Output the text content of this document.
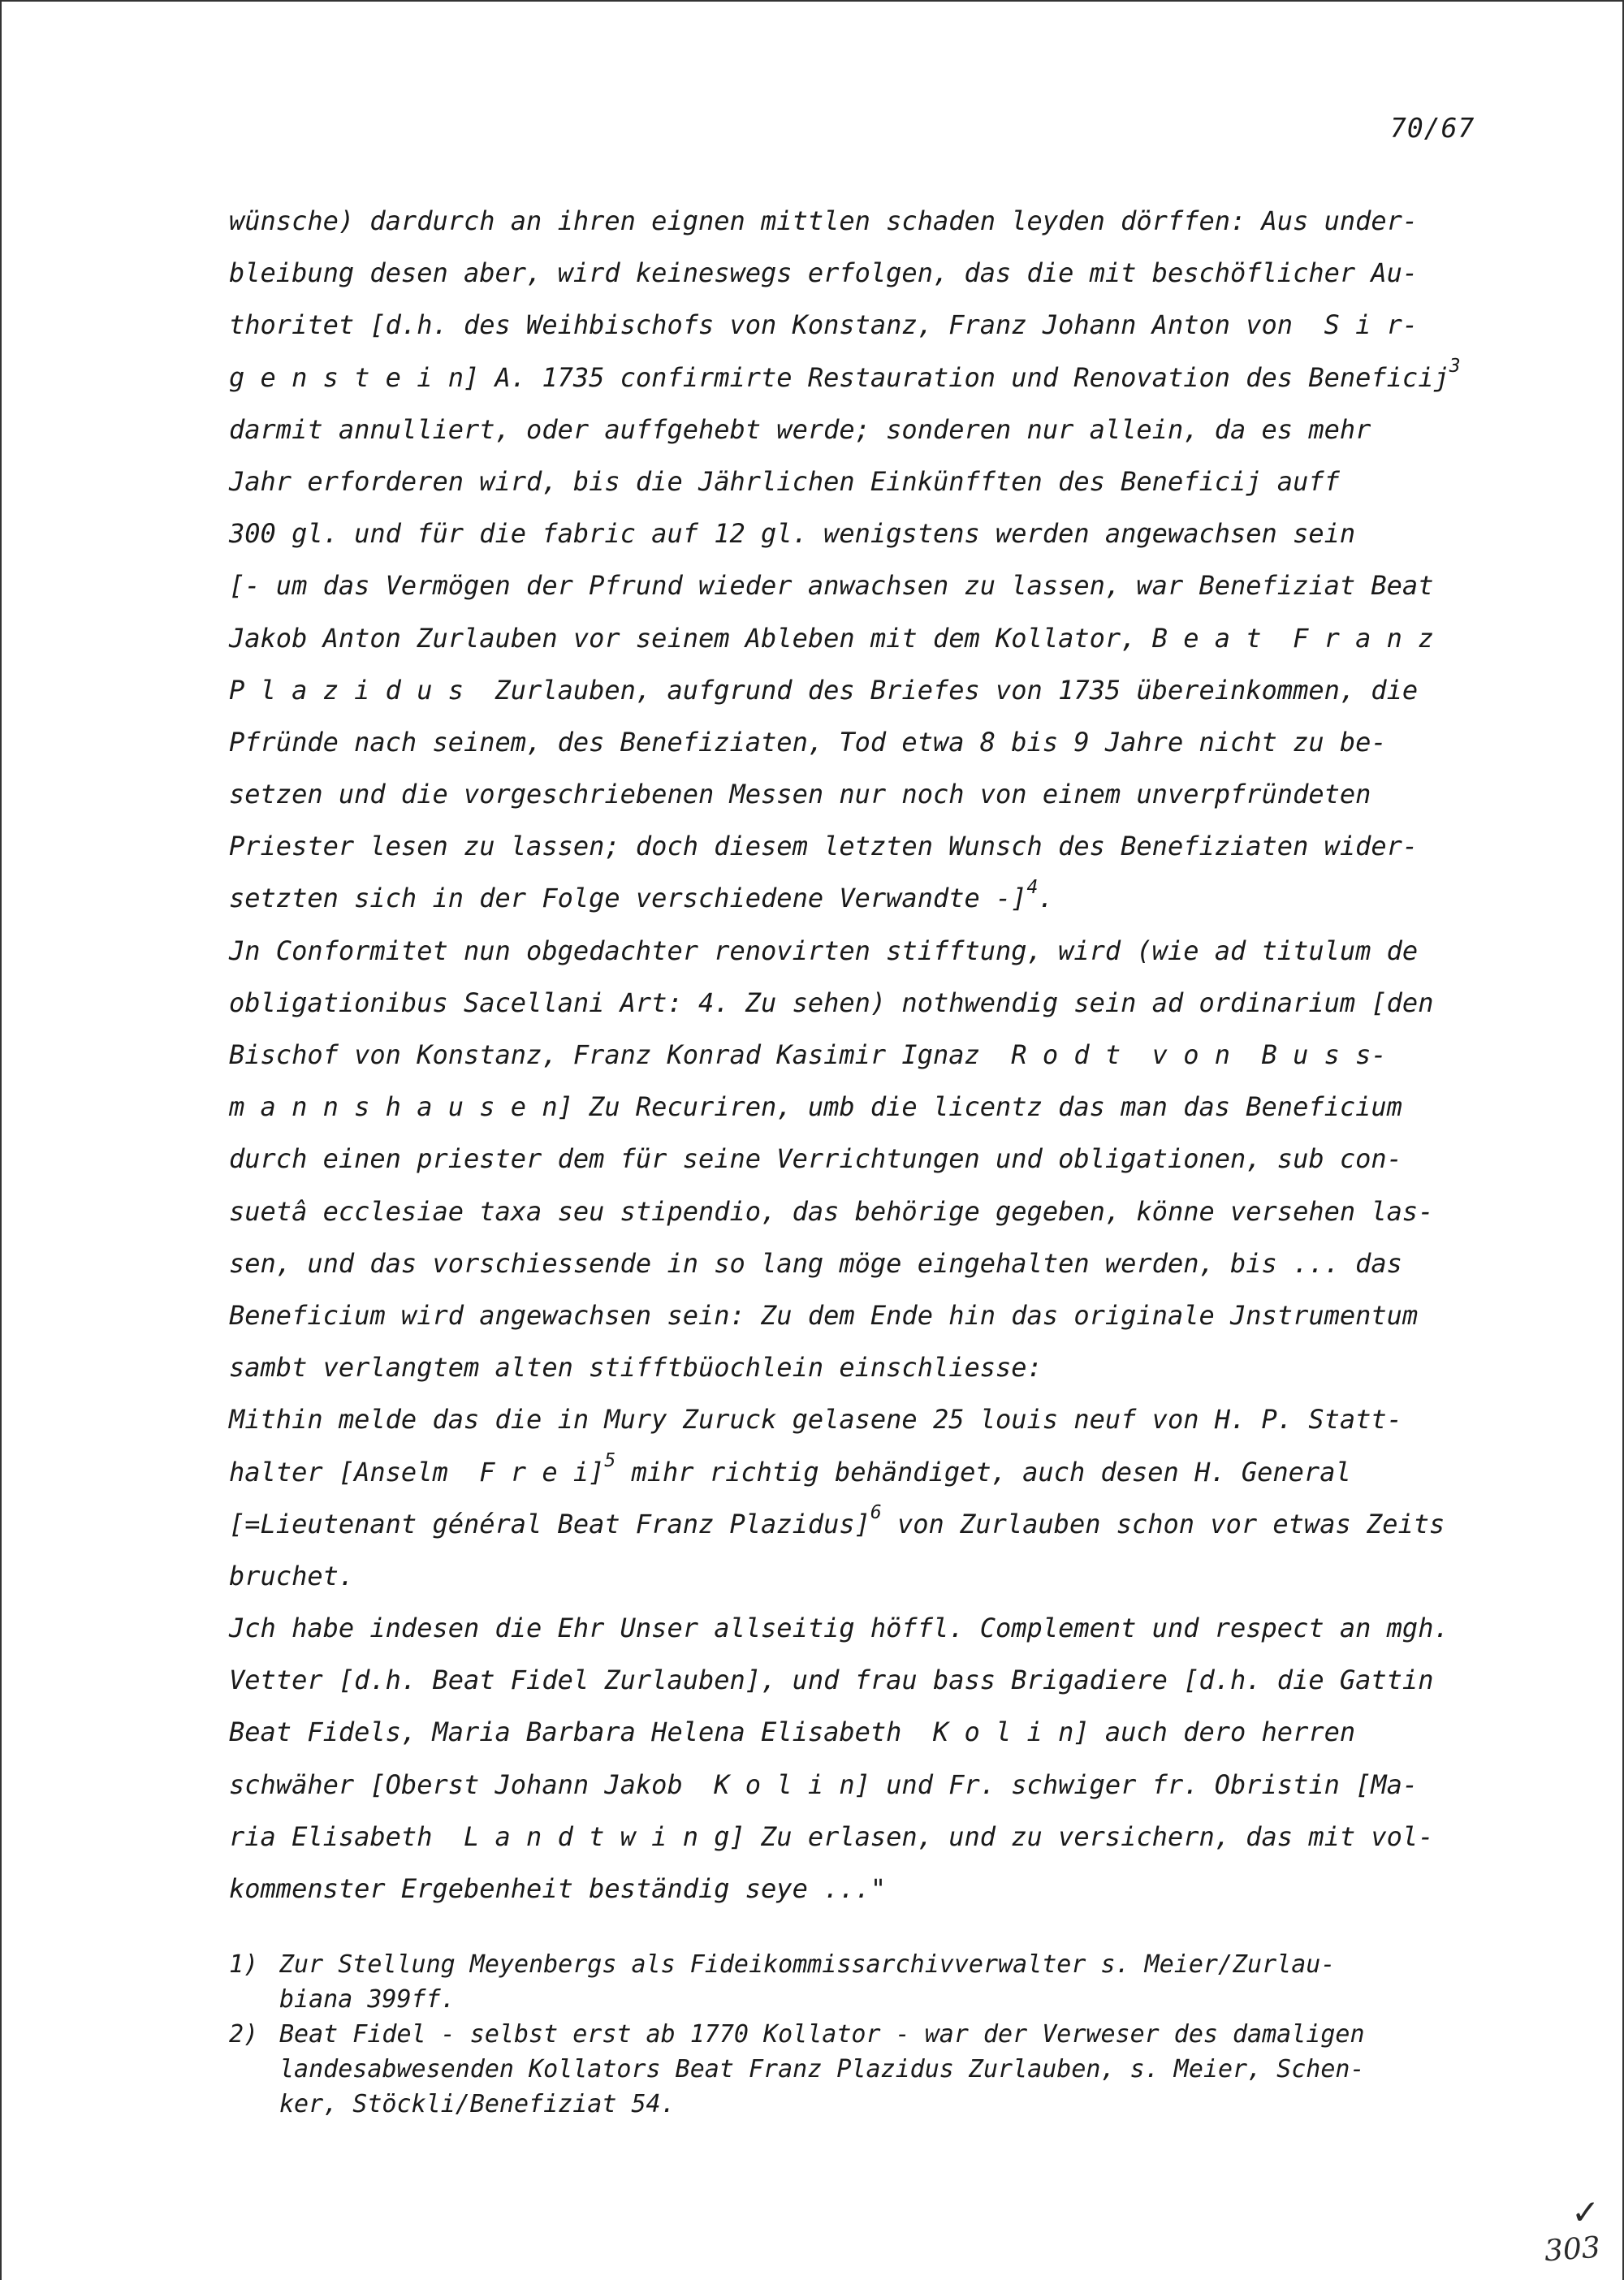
70/67
wünsche) dardurch an ihren eignen mittlen schaden leyden dörffen: Aus under-
bleibung desen aber, wird keineswegs erfolgen, das die mit beschöflicher Au-
thoritet [d.h. des Weihbischofs von Konstanz, Franz Johann Anton von  S i r-
g e n s t e i n] A. 1735 confirmirte Restauration und Renovation des Beneficij$^3$
darmit annulliert, oder auffgehebt werde; sonderen nur allein, da es mehr
Jahr erforderen wird, bis die Jährlichen Einkünfften des Beneficij auff
300 gl. und für die fabric auf 12 gl. wenigstens werden angewachsen sein
[- um das Vermögen der Pfrund wieder anwachsen zu lassen, war Benefiziat Beat
Jakob Anton Zurlauben vor seinem Ableben mit dem Kollator, B e a t  F r a n z
P l a z i d u s  Zurlauben, aufgrund des Briefes von 1735 übereinkommen, die
Pfründe nach seinem, des Benefiziaten, Tod etwa 8 bis 9 Jahre nicht zu be-
setzen und die vorgeschriebenen Messen nur noch von einem unverpfründeten
Priester lesen zu lassen; doch diesem letzten Wunsch des Benefiziaten wider-
setzten sich in der Folge verschiedene Verwandte -]$^4$.
Jn Conformitet nun obgedachter renovirten stifftung, wird (wie ad titulum de
obligationibus Sacellani Art: 4. Zu sehen) nothwendig sein ad ordinarium [den
Bischof von Konstanz, Franz Konrad Kasimir Ignaz  R o d t  v o n  B u s s-
m a n n s h a u s e n] Zu Recuriren, umb die licentz das man das Beneficium
durch einen priester dem für seine Verrichtungen und obligationen, sub con-
suetâ ecclesiae taxa seu stipendio, das behörige gegeben, könne versehen las-
sen, und das vorschiessende in so lang möge eingehalten werden, bis ... das
Beneficium wird angewachsen sein: Zu dem Ende hin das originale Jnstrumentum
sambt verlangtem alten stifftbüochlein einschliesse:
Mithin melde das die in Mury Zuruck gelasene 25 louis neuf von H. P. Statt-
halter [Anselm  F r e i]$^5$ mihr richtig behändiget, auch desen H. General
[=Lieutenant général Beat Franz Plazidus]$^6$ von Zurlauben schon vor etwas Zeits
bruchet.
Jch habe indesen die Ehr Unser allseitig höffl. Complement und respect an mgh.
Vetter [d.h. Beat Fidel Zurlauben], und frau bass Brigadiere [d.h. die Gattin
Beat Fidels, Maria Barbara Helena Elisabeth  K o l i n] auch dero herren
schwäher [Oberst Johann Jakob  K o l i n] und Fr. schwiger fr. Obristin [Ma-
ria Elisabeth  L a n d t w i n g] Zu erlasen, und zu versichern, das mit vol-
kommenster Ergebenheit beständig seye ..."
1) Zur Stellung Meyenbergs als Fideikommissarchivverwalter s. Meier/Zurlau-
biana 399ff.
2) Beat Fidel - selbst erst ab 1770 Kollator - war der Verweser des damaligen
landesabwesenden Kollators Beat Franz Plazidus Zurlauben, s. Meier, Schen-
ker, Stöckli/Benefiziat 54.
✓
303
